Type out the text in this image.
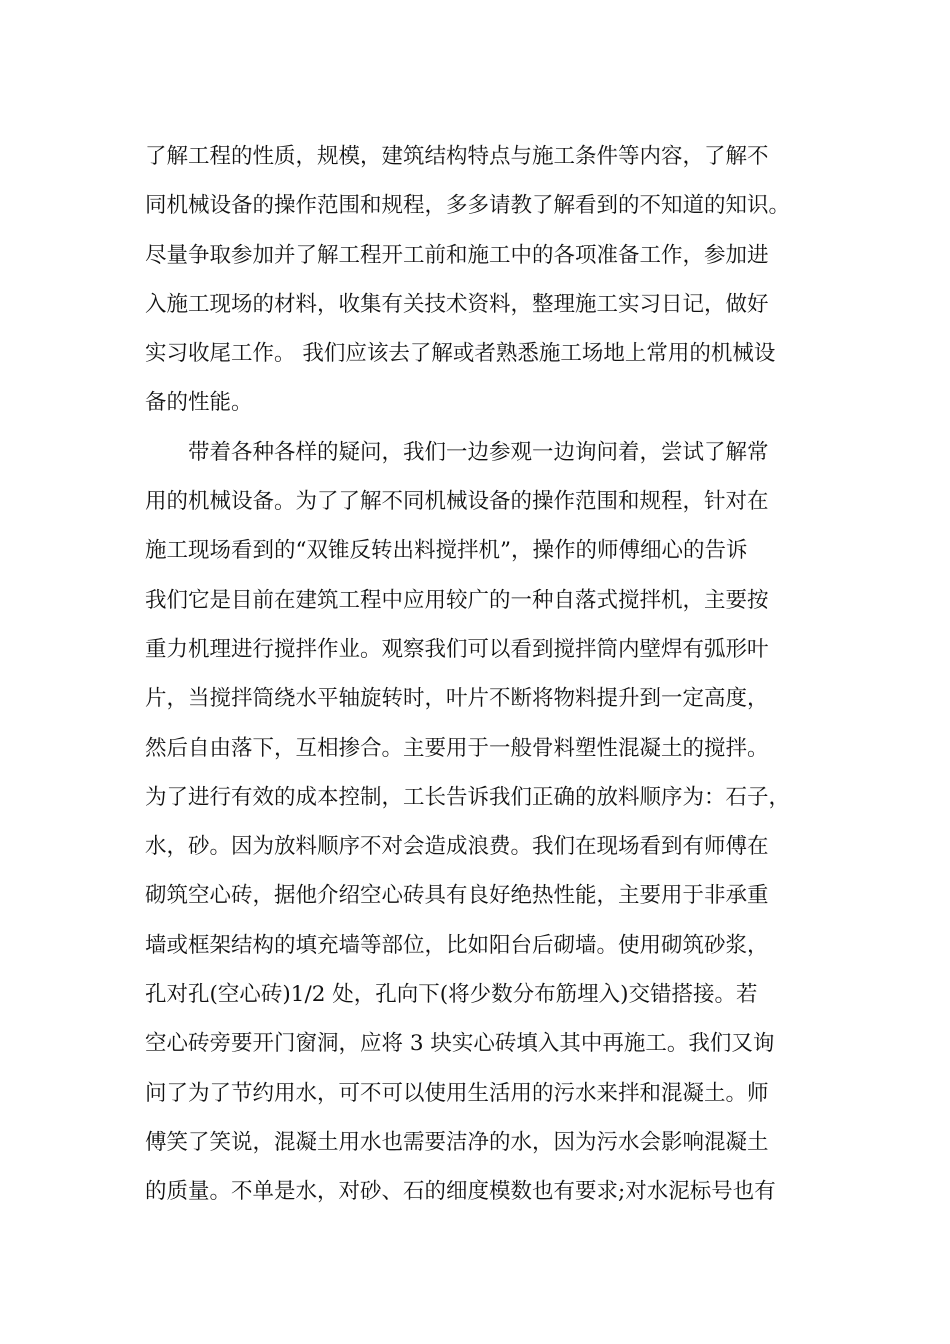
了解工程的性质，规模，建筑结构特点与施工条件等内容，了解不
同机械设备的操作范围和规程，多多请教了解看到的不知道的知识。
尽量争取参加并了解工程开工前和施工中的各项准备工作，参加进
入施工现场的材料，收集有关技术资料，整理施工实习日记，做好
实习收尾工作。 我们应该去了解或者熟悉施工场地上常用的机械设
备的性能。
带着各种各样的疑问，我们一边参观一边询问着，尝试了解常
用的机械设备。为了了解不同机械设备的操作范围和规程，针对在
施工现场看到的“双锥反转出料搅拌机”，操作的师傅细心的告诉
我们它是目前在建筑工程中应用较广的一种自落式搅拌机，主要按
重力机理进行搅拌作业。观察我们可以看到搅拌筒内壁焊有弧形叶
片，当搅拌筒绕水平轴旋转时，叶片不断将物料提升到一定高度，
然后自由落下，互相掺合。主要用于一般骨料塑性混凝土的搅拌。
为了进行有效的成本控制，工长告诉我们正确的放料顺序为：石子，
水，砂。因为放料顺序不对会造成浪费。我们在现场看到有师傅在
砌筑空心砖，据他介绍空心砖具有良好绝热性能，主要用于非承重
墙或框架结构的填充墙等部位，比如阳台后砌墙。使用砌筑砂浆，
孔对孔(空心砖)1/2 处，孔向下(将少数分布筋埋入)交错搭接。若
空心砖旁要开门窗洞，应将 3 块实心砖填入其中再施工。我们又询
问了为了节约用水，可不可以使用生活用的污水来拌和混凝土。师
傅笑了笑说，混凝土用水也需要洁净的水，因为污水会影响混凝土
的质量。不单是水，对砂、石的细度模数也有要求;对水泥标号也有
